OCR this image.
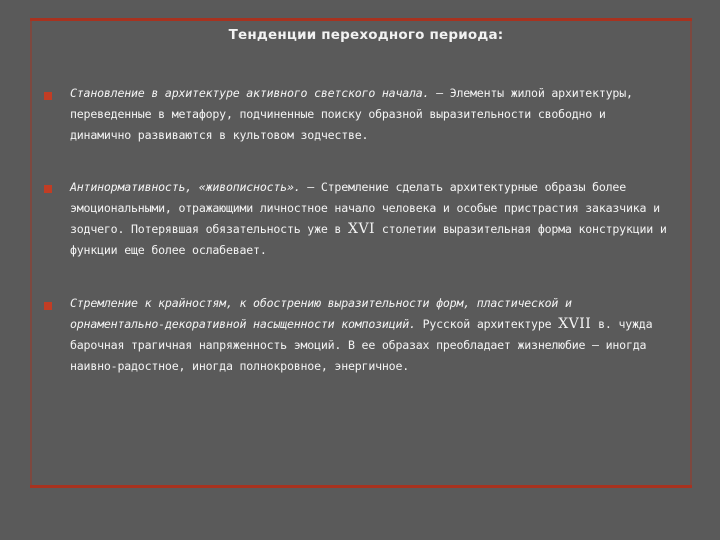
Тенденции переходного периода:
Становление в архитектуре активного светского начала. — Элементы жилой архитектуры, переведенные в метафору, подчиненные поиску образной выразительности свободно и динамично развиваются в культовом зодчестве.
Антинормативность, «живописность». — Стремление сделать архитектурные образы более эмоциональными, отражающими личностное начало человека и особые пристрастия заказчика и зодчего. Потерявшая обязательность уже в XVI столетии выразительная форма конструкции и функции еще более ослабевает.
Стремление к крайностям, к обострению выразительности форм, пластической и орнаментально-декоративной насыщенности композиций. Русской архитектуре XVII в. чужда барочная трагичная напряженность эмоций. В ее образах преобладает жизнелюбие — иногда наивно-радостное, иногда полнокровное, энергичное.
